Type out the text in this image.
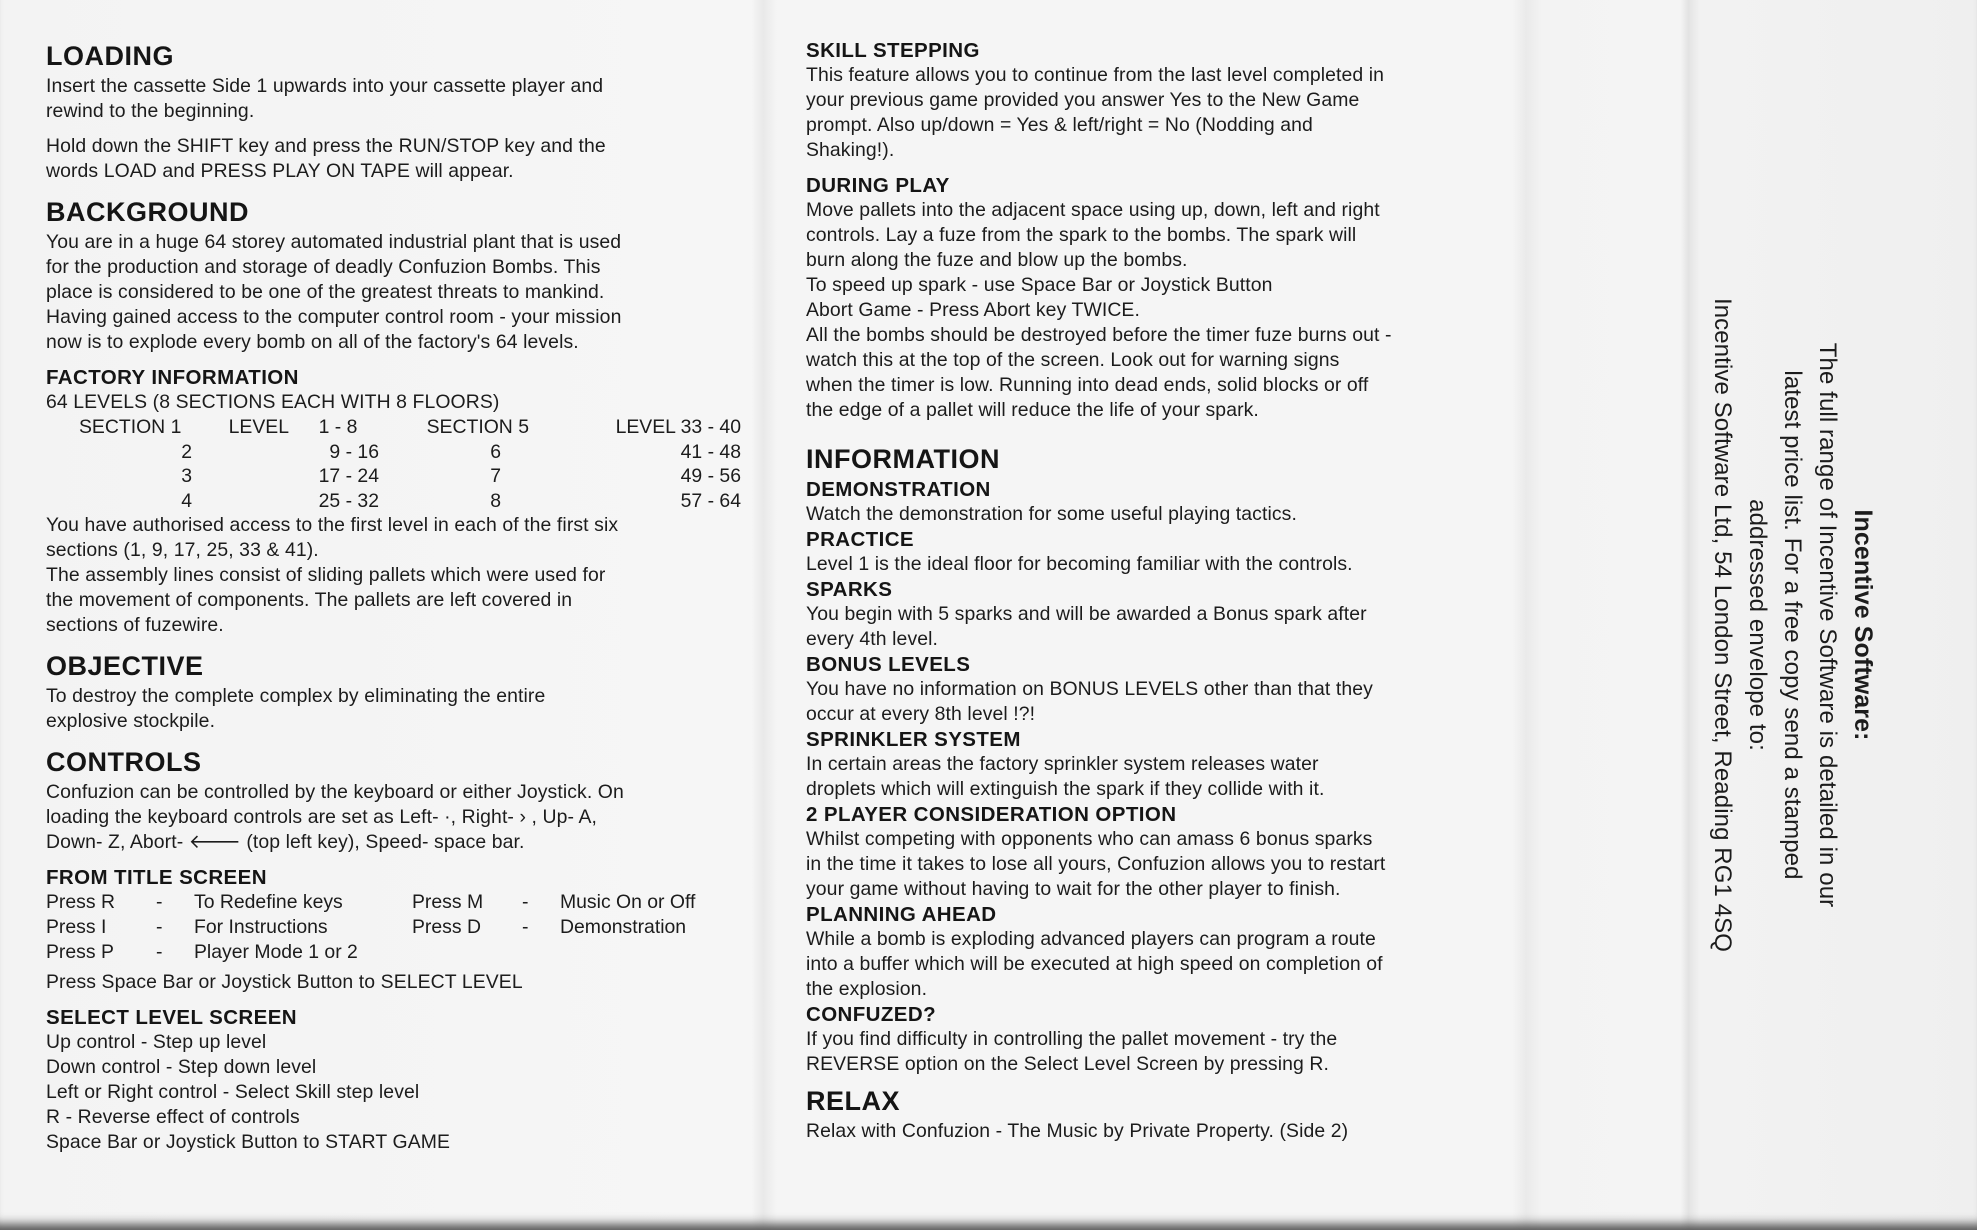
LOADING

Insert the cassette Side 1 upwards into your cassette player and

rewind to the beginning.

Hold down the SHIFT key and press the RUN/STOP key and the

words LOAD and PRESS PLAY ON TAPE will appear.

BACKGROUND

You are in a huge 64 storey automated industrial plant that is used

for the production and storage of deadly Confuzion Bombs. This

place is considered to be one of the greatest threats to mankind.

Having gained access to the computer control room - your mission

now is to explode every bomb on all of the factory's 64 levels.

FACTORY INFORMATION

64 LEVELS (8 SECTIONS EACH WITH 8 FLOORS)

SECTION 1	LEVEL	1 - 8	SECTION 5	LEVEL 33 - 40
2		9 - 16	6	41 - 48
3		17 - 24	7	49 - 56
4		25 - 32	8	57 - 64

You have authorised access to the first level in each of the first six

sections (1, 9, 17, 25, 33 & 41).

The assembly lines consist of sliding pallets which were used for

the movement of components. The pallets are left covered in

sections of fuzewire.

OBJECTIVE

To destroy the complete complex by eliminating the entire

explosive stockpile.

CONTROLS

Confuzion can be controlled by the keyboard or either Joystick. On

loading the keyboard controls are set as Left- ·, Right- › , Up- A,

Down- Z, Abort- 🡐 (top left key), Speed- space bar.

FROM TITLE SCREEN
Press R	-	To Redefine keys	Press M	-	Music On or Off
Press I	-	For Instructions	Press D	-	Demonstration
Press P	-	Player Mode 1 or 2			

Press Space Bar or Joystick Button to SELECT LEVEL

SELECT LEVEL SCREEN

Up control - Step up level

Down control - Step down level

Left or Right control - Select Skill step level

R - Reverse effect of controls

Space Bar or Joystick Button to START GAME

SKILL STEPPING

This feature allows you to continue from the last level completed in

your previous game provided you answer Yes to the New Game

prompt. Also up/down = Yes & left/right = No (Nodding and

Shaking!).

DURING PLAY

Move pallets into the adjacent space using up, down, left and right

controls. Lay a fuze from the spark to the bombs. The spark will

burn along the fuze and blow up the bombs.

To speed up spark - use Space Bar or Joystick Button

Abort Game - Press Abort key TWICE.

All the bombs should be destroyed before the timer fuze burns out -

watch this at the top of the screen. Look out for warning signs

when the timer is low. Running into dead ends, solid blocks or off

the edge of a pallet will reduce the life of your spark.

INFORMATION
DEMONSTRATION

Watch the demonstration for some useful playing tactics.

PRACTICE

Level 1 is the ideal floor for becoming familiar with the controls.

SPARKS

You begin with 5 sparks and will be awarded a Bonus spark after

every 4th level.

BONUS LEVELS

You have no information on BONUS LEVELS other than that they

occur at every 8th level !?!

SPRINKLER SYSTEM

In certain areas the factory sprinkler system releases water

droplets which will extinguish the spark if they collide with it.

2 PLAYER CONSIDERATION OPTION

Whilst competing with opponents who can amass 6 bonus sparks

in the time it takes to lose all yours, Confuzion allows you to restart

your game without having to wait for the other player to finish.

PLANNING AHEAD

While a bomb is exploding advanced players can program a route

into a buffer which will be executed at high speed on completion of

the explosion.

CONFUZED?

If you find difficulty in controlling the pallet movement - try the

REVERSE option on the Select Level Screen by pressing R.

RELAX

Relax with Confuzion - The Music by Private Property. (Side 2)

Incentive Software:

The full range of Incentive Software is detailed in our

latest price list. For a free copy send a stamped

addressed envelope to:

Incentive Software Ltd, 54 London Street, Reading RG1 4SQ
